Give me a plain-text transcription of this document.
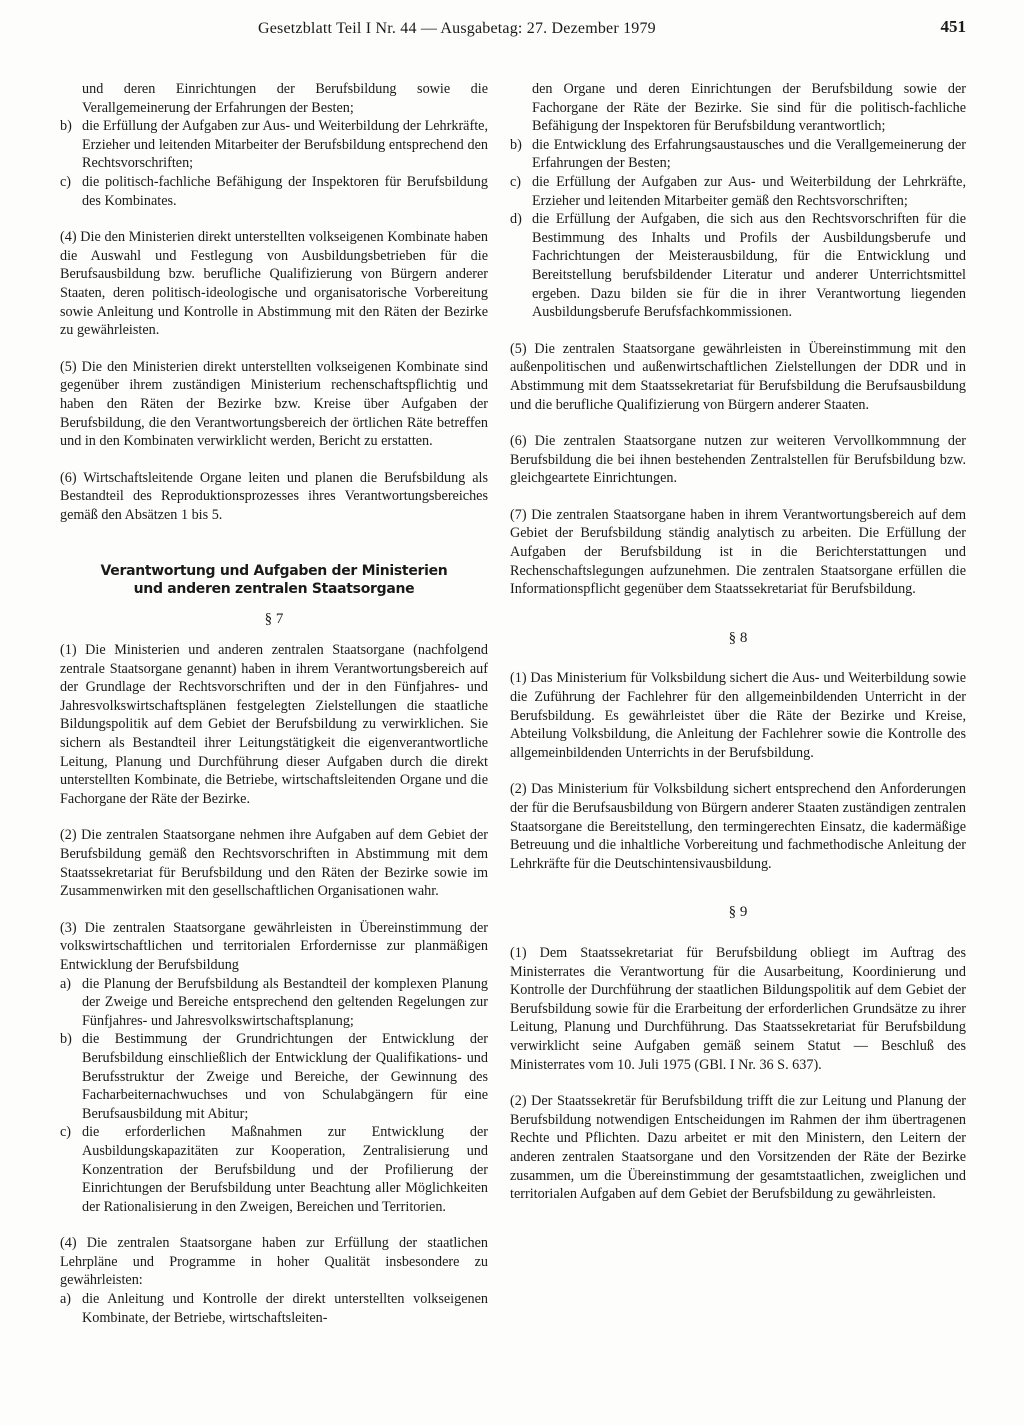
Gesetzblatt Teil I Nr. 44 — Ausgabetag: 27. Dezember 1979	451

und deren Einrichtungen der Berufsbildung sowie die Verallgemeinerung der Erfahrungen der Besten;

b) die Erfüllung der Aufgaben zur Aus- und Weiterbildung der Lehrkräfte, Erzieher und leitenden Mitarbeiter der Berufsbildung entsprechend den Rechtsvorschriften;
c) die politisch-fachliche Befähigung der Inspektoren für Berufsbildung des Kombinates.

(4) Die den Ministerien direkt unterstellten volkseigenen Kombinate haben die Auswahl und Festlegung von Ausbildungsbetrieben für die Berufsausbildung bzw. berufliche Qualifizierung von Bürgern anderer Staaten, deren politisch-ideologische und organisatorische Vorbereitung sowie Anleitung und Kontrolle in Abstimmung mit den Räten der Bezirke zu gewährleisten.

(5) Die den Ministerien direkt unterstellten volkseigenen Kombinate sind gegenüber ihrem zuständigen Ministerium rechenschaftspflichtig und haben den Räten der Bezirke bzw. Kreise über Aufgaben der Berufsbildung, die den Verantwortungsbereich der örtlichen Räte betreffen und in den Kombinaten verwirklicht werden, Bericht zu erstatten.

(6) Wirtschaftsleitende Organe leiten und planen die Berufsbildung als Bestandteil des Reproduktionsprozesses ihres Verantwortungsbereiches gemäß den Absätzen 1 bis 5.

Verantwortung und Aufgaben der Ministerien

und anderen zentralen Staatsorgane

§ 7

(1) Die Ministerien und anderen zentralen Staatsorgane (nachfolgend zentrale Staatsorgane genannt) haben in ihrem Verantwortungsbereich auf der Grundlage der Rechtsvorschriften und der in den Fünfjahres- und Jahresvolkswirtschaftsplänen festgelegten Zielstellungen die staatliche Bildungspolitik auf dem Gebiet der Berufsbildung zu verwirklichen. Sie sichern als Bestandteil ihrer Leitungstätigkeit die eigenverantwortliche Leitung, Planung und Durchführung dieser Aufgaben durch die direkt unterstellten Kombinate, die Betriebe, wirtschaftsleitenden Organe und die Fachorgane der Räte der Bezirke.

(2) Die zentralen Staatsorgane nehmen ihre Aufgaben auf dem Gebiet der Berufsbildung gemäß den Rechtsvorschriften in Abstimmung mit dem Staatssekretariat für Berufsbildung und den Räten der Bezirke sowie im Zusammenwirken mit den gesellschaftlichen Organisationen wahr.

(3) Die zentralen Staatsorgane gewährleisten in Übereinstimmung der volkswirtschaftlichen und territorialen Erfordernisse zur planmäßigen Entwicklung der Berufsbildung

a) die Planung der Berufsbildung als Bestandteil der komplexen Planung der Zweige und Bereiche entsprechend den geltenden Regelungen zur Fünfjahres- und Jahresvolkswirtschaftsplanung;
b) die Bestimmung der Grundrichtungen der Entwicklung der Berufsbildung einschließlich der Entwicklung der Qualifikations- und Berufsstruktur der Zweige und Bereiche, der Gewinnung des Facharbeiternachwuchses und von Schulabgängern für eine Berufsausbildung mit Abitur;
c) die erforderlichen Maßnahmen zur Entwicklung der Ausbildungskapazitäten zur Kooperation, Zentralisierung und Konzentration der Berufsbildung und der Profilierung der Einrichtungen der Berufsbildung unter Beachtung aller Möglichkeiten der Rationalisierung in den Zweigen, Bereichen und Territorien.

(4) Die zentralen Staatsorgane haben zur Erfüllung der staatlichen Lehrpläne und Programme in hoher Qualität insbesondere zu gewährleisten:

a) die Anleitung und Kontrolle der direkt unterstellten volkseigenen Kombinate, der Betriebe, wirtschaftsleiten-

den Organe und deren Einrichtungen der Berufsbildung sowie der Fachorgane der Räte der Bezirke. Sie sind für die politisch-fachliche Befähigung der Inspektoren für Berufsbildung verantwortlich;

b) die Entwicklung des Erfahrungsaustausches und die Verallgemeinerung der Erfahrungen der Besten;
c) die Erfüllung der Aufgaben zur Aus- und Weiterbildung der Lehrkräfte, Erzieher und leitenden Mitarbeiter gemäß den Rechtsvorschriften;
d) die Erfüllung der Aufgaben, die sich aus den Rechtsvorschriften für die Bestimmung des Inhalts und Profils der Ausbildungsberufe und Fachrichtungen der Meisterausbildung, für die Entwicklung und Bereitstellung berufsbildender Literatur und anderer Unterrichtsmittel ergeben. Dazu bilden sie für die in ihrer Verantwortung liegenden Ausbildungsberufe Berufsfachkommissionen.

(5) Die zentralen Staatsorgane gewährleisten in Übereinstimmung mit den außenpolitischen und außenwirtschaftlichen Zielstellungen der DDR und in Abstimmung mit dem Staatssekretariat für Berufsbildung die Berufsausbildung und die berufliche Qualifizierung von Bürgern anderer Staaten.

(6) Die zentralen Staatsorgane nutzen zur weiteren Vervollkommnung der Berufsbildung die bei ihnen bestehenden Zentralstellen für Berufsbildung bzw. gleichgeartete Einrichtungen.

(7) Die zentralen Staatsorgane haben in ihrem Verantwortungsbereich auf dem Gebiet der Berufsbildung ständig analytisch zu arbeiten. Die Erfüllung der Aufgaben der Berufsbildung ist in die Berichterstattungen und Rechenschaftslegungen aufzunehmen. Die zentralen Staatsorgane erfüllen die Informationspflicht gegenüber dem Staatssekretariat für Berufsbildung.

§ 8

(1) Das Ministerium für Volksbildung sichert die Aus- und Weiterbildung sowie die Zuführung der Fachlehrer für den allgemeinbildenden Unterricht in der Berufsbildung. Es gewährleistet über die Räte der Bezirke und Kreise, Abteilung Volksbildung, die Anleitung der Fachlehrer sowie die Kontrolle des allgemeinbildenden Unterrichts in der Berufsbildung.

(2) Das Ministerium für Volksbildung sichert entsprechend den Anforderungen der für die Berufsausbildung von Bürgern anderer Staaten zuständigen zentralen Staatsorgane die Bereitstellung, den termingerechten Einsatz, die kadermäßige Betreuung und die inhaltliche Vorbereitung und fachmethodische Anleitung der Lehrkräfte für die Deutschintensivausbildung.

§ 9

(1) Dem Staatssekretariat für Berufsbildung obliegt im Auftrag des Ministerrates die Verantwortung für die Ausarbeitung, Koordinierung und Kontrolle der Durchführung der staatlichen Bildungspolitik auf dem Gebiet der Berufsbildung sowie für die Erarbeitung der erforderlichen Grundsätze zu ihrer Leitung, Planung und Durchführung. Das Staatssekretariat für Berufsbildung verwirklicht seine Aufgaben gemäß seinem Statut — Beschluß des Ministerrates vom 10. Juli 1975 (GBl. I Nr. 36 S. 637).

(2) Der Staatssekretär für Berufsbildung trifft die zur Leitung und Planung der Berufsbildung notwendigen Entscheidungen im Rahmen der ihm übertragenen Rechte und Pflichten. Dazu arbeitet er mit den Ministern, den Leitern der anderen zentralen Staatsorgane und den Vorsitzenden der Räte der Bezirke zusammen, um die Übereinstimmung der gesamtstaatlichen, zweiglichen und territorialen Aufgaben auf dem Gebiet der Berufsbildung zu gewährleisten.
